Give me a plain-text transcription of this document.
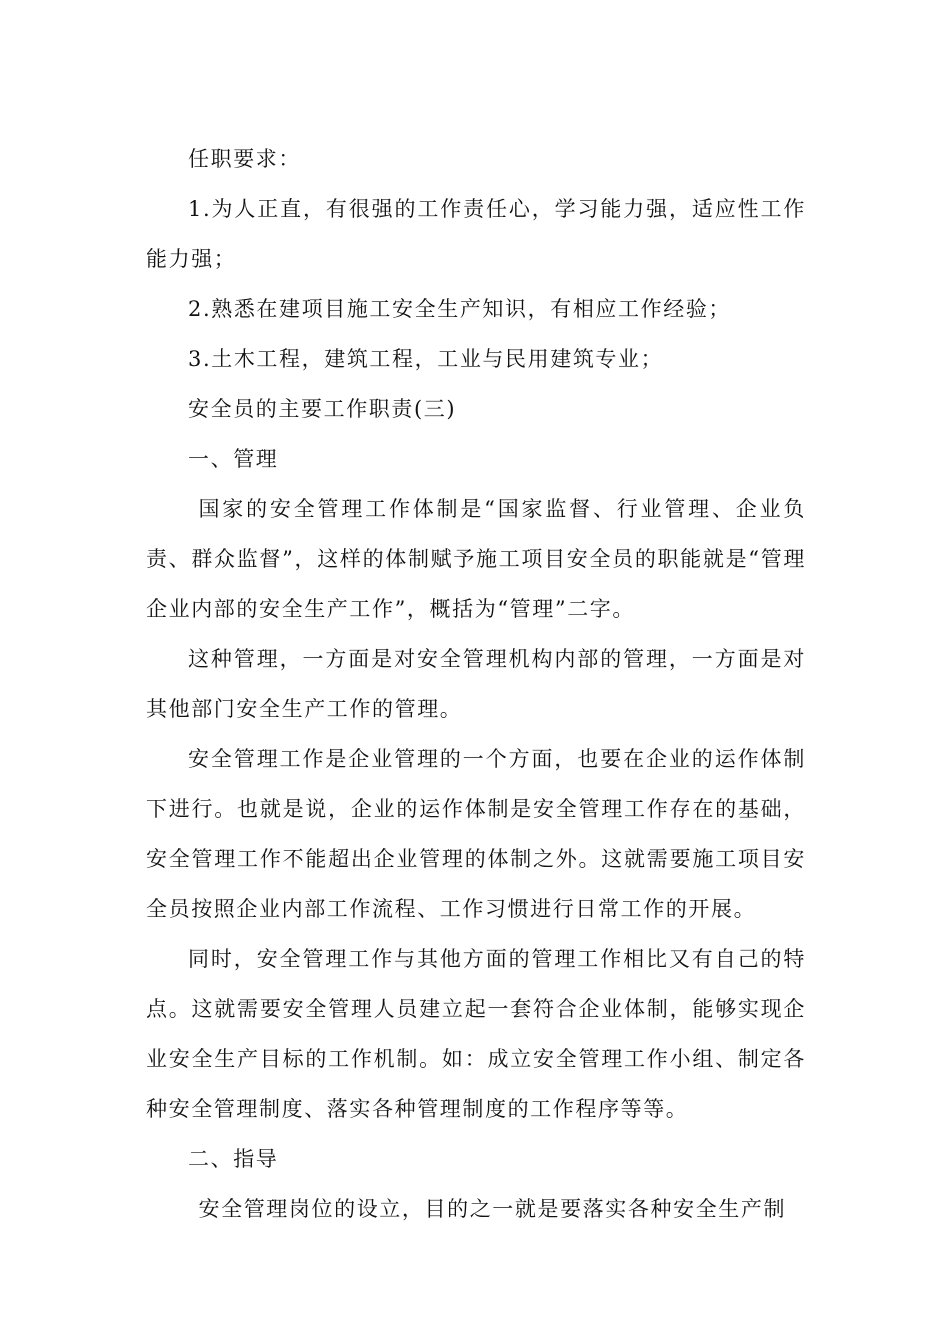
任职要求：

1.为人正直，有很强的工作责任心，学习能力强，适应性工作能力强；

2.熟悉在建项目施工安全生产知识，有相应工作经验；

3.土木工程，建筑工程，工业与民用建筑专业；

安全员的主要工作职责(三)

一、管理

国家的安全管理工作体制是“国家监督、行业管理、企业负责、群众监督”，这样的体制赋予施工项目安全员的职能就是“管理企业内部的安全生产工作”，概括为“管理”二字。

这种管理，一方面是对安全管理机构内部的管理，一方面是对其他部门安全生产工作的管理。

安全管理工作是企业管理的一个方面，也要在企业的运作体制下进行。也就是说，企业的运作体制是安全管理工作存在的基础，安全管理工作不能超出企业管理的体制之外。这就需要施工项目安全员按照企业内部工作流程、工作习惯进行日常工作的开展。

同时，安全管理工作与其他方面的管理工作相比又有自己的特点。这就需要安全管理人员建立起一套符合企业体制，能够实现企业安全生产目标的工作机制。如：成立安全管理工作小组、制定各种安全管理制度、落实各种管理制度的工作程序等等。

二、指导

安全管理岗位的设立，目的之一就是要落实各种安全生产制
